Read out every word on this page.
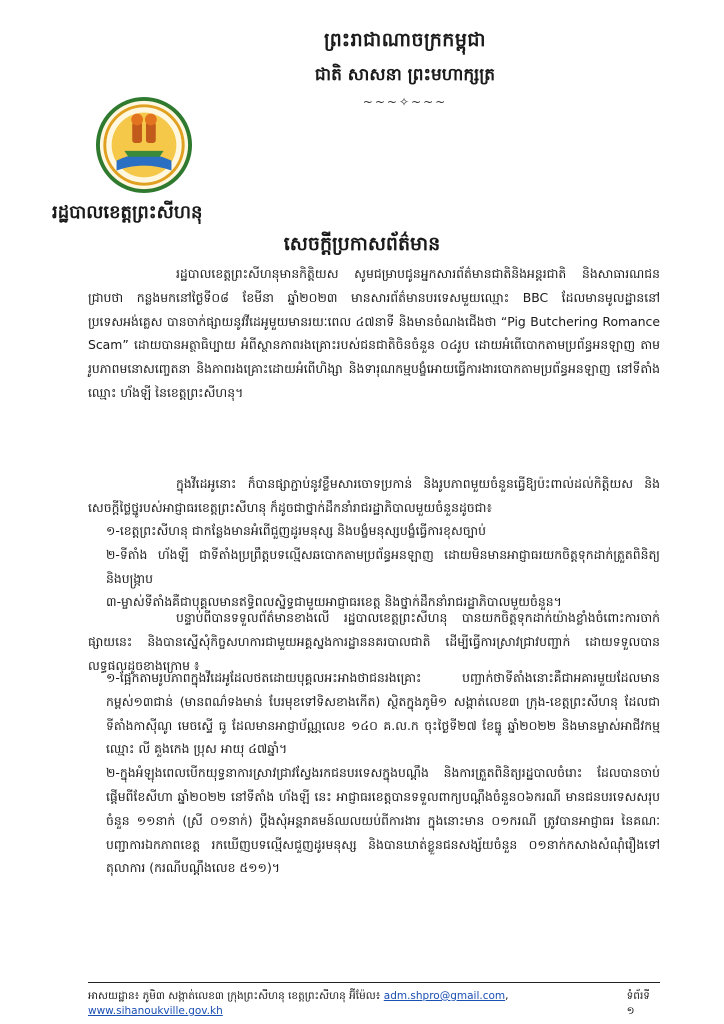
ព្រះរាជាណាចក្រកម្ពុជា
ជាតិ សាសនា ព្រះមហាក្សត្រ
~~~✧~~~
រដ្ឋបាលខេត្តព្រះសីហនុ
សេចក្តីប្រកាសព័ត៌មាន
រដ្ឋបាលខេត្តព្រះសីហនុមានកិត្តិយស សូមជម្រាបជូនអ្នកសារព័ត៌មានជាតិនិងអន្តរជាតិ និងសាធារណជនជ្រាបថា កន្លងមកនៅថ្ងៃទី០៨ ខែមីនា ឆ្នាំ២០២៣ មានសារព័ត៌មានបរទេសមួយឈ្មោះ BBC ដែលមានមូលដ្ឋាននៅប្រទេសអង់គ្លេស បានចាក់ផ្សាយនូវវីដេអូមួយមានរយៈពេល ៤៧នាទី និងមានចំណងជើងថា “Pig Butchering Romance Scam” ដោយបានអត្ថាធិប្បាយ អំពីស្ថានភាពរងគ្រោះរបស់ជនជាតិចិនចំនួន ០៤រូប ដោយអំពើបោកតាមប្រព័ន្ធអនឡាញ តាមរូបភាពមនោសញ្ចេតនា និងភាពរងគ្រោះដោយអំពើហិង្សា និងទារុណកម្មបង្ខំអោយធ្វើការងារបោកតាមប្រព័ន្ធអនឡាញ នៅទីតាំងឈ្មោះ ហ័ងឡី នៃខេត្តព្រះសីហនុ។
ក្នុងវីដេអូនោះ ក៏បានផ្សាភ្ជាប់នូវខ្លឹមសារចោទប្រកាន់ និងរូបភាពមួយចំនួនធ្វើឱ្យប៉ះពាល់ដល់កិត្តិយស និងសេចក្តីថ្លៃថ្នូរបស់អាជ្ញាធរខេត្តព្រះសីហនុ ក៏ដូចជាថ្នាក់ដឹកនាំរាជរដ្ឋាភិបាលមួយចំនួនដូចជា៖
១-ខេត្តព្រះសីហនុ ជាកន្លែងមានអំពើជួញដូរមនុស្ស និងបង្ខំមនុស្សបង្ខំធ្វើការខុសច្បាប់
២-ទីតាំង ហ័ងឡី ជាទីតាំងប្រព្រឹត្តបទល្មើសឆបោកតាមប្រព័ន្ធអនឡាញ ដោយមិនមានអាជ្ញាធរយកចិត្តទុកដាក់ត្រួតពិនិត្យ និងបង្ក្រាប
៣-ម្ចាស់ទីតាំងគឺជាបុគ្គលមានឥទ្ធិពលស្និទ្ធជាមួយអាជ្ញាធរខេត្ត និងថ្នាក់ដឹកនាំរាជរដ្ឋាភិបាលមួយចំនួន។
បន្ទាប់ពីបានទទួលព័ត៌មានខាងលើ រដ្ឋបាលខេត្តព្រះសីហនុ បានយកចិត្តទុកដាក់យ៉ាងខ្លាំងចំពោះការចាក់ផ្សាយនេះ និងបានស្នើសុំកិច្ចសហការជាមួយអគ្គស្នងការដ្ឋាននគរបាលជាតិ ដើម្បីធ្វើការស្រាវជ្រាវបញ្ជាក់ ដោយទទួលបានលទ្ធផលដូចខាងក្រោម ៖
១-ផ្អែកតាមរូបភាពក្នុងវីដេអូដែលថតដោយបុគ្គលអះអាងថាជនរងគ្រោះ បញ្ជាក់ថាទីតាំងនោះគឺជាអគារមួយដែលមានកម្ពស់១៣ជាន់ (មានពណ៌ទងមាន់ បែរមុខទៅទិសខាងកើត) ស្ថិតក្នុងភូមិ១ សង្កាត់លេខ៣ ក្រុង-ខេត្តព្រះសីហនុ ដែលជាទីតាំងកាស៊ីណូ មេចស្ទើ ធូ ដែលមានអាជ្ញាប័ណ្ណលេខ ១៤០ គ.ល.ក ចុះថ្ងៃទី២៧ ខែធ្នូ ឆ្នាំ២០២២ និងមានម្ចាស់អាជីវកម្មឈ្មោះ លី គួងកេង ប្រុស អាយុ ៤៧ឆ្នាំ។
២-ក្នុងអំឡុងពេលបើកយុទ្ធនាការស្រាវជ្រាវស្វែងរកជនបរទេសក្នុងបណ្តឹង និងការត្រួតពិនិត្យរដ្ឋបាលចំរោះ ដែលបានចាប់ផ្តើមពីខែសីហា ឆ្នាំ២០២២ នៅទីតាំង ហ័ងឡី នេះ អាជ្ញាធរខេត្តបានទទួលពាក្យបណ្តឹងចំនួន០៦ករណី មានជនបរទេសសរុបចំនួន ១១នាក់ (ស្រី ០១នាក់) ប្តឹងសុំអន្តរាគមន៍ឈលយប់ពីការងារ ក្នុងនោះមាន ០១ករណី ត្រូវបានអាជ្ញាធរ នៃគណៈបញ្ជាការឯកភាពខេត្ត រកឃើញបទល្មើសជួញដូរមនុស្ស និងបានឃាត់ខ្លួនជនសង្ស័យចំនួន ០១នាក់កសាងសំណុំរឿងទៅតុលាការ (ករណីបណ្តឹងលេខ ៥១១)។
អាសយដ្ឋាន៖ ភូមិ៣ សង្កាត់លេខ៣ ក្រុងព្រះសីហនុ ខេត្តព្រះសីហនុ អ៊ីម៉ែល៖ adm.shpro@gmail.com, www.sihanoukville.gov.kh
ទំព័រទី ១
